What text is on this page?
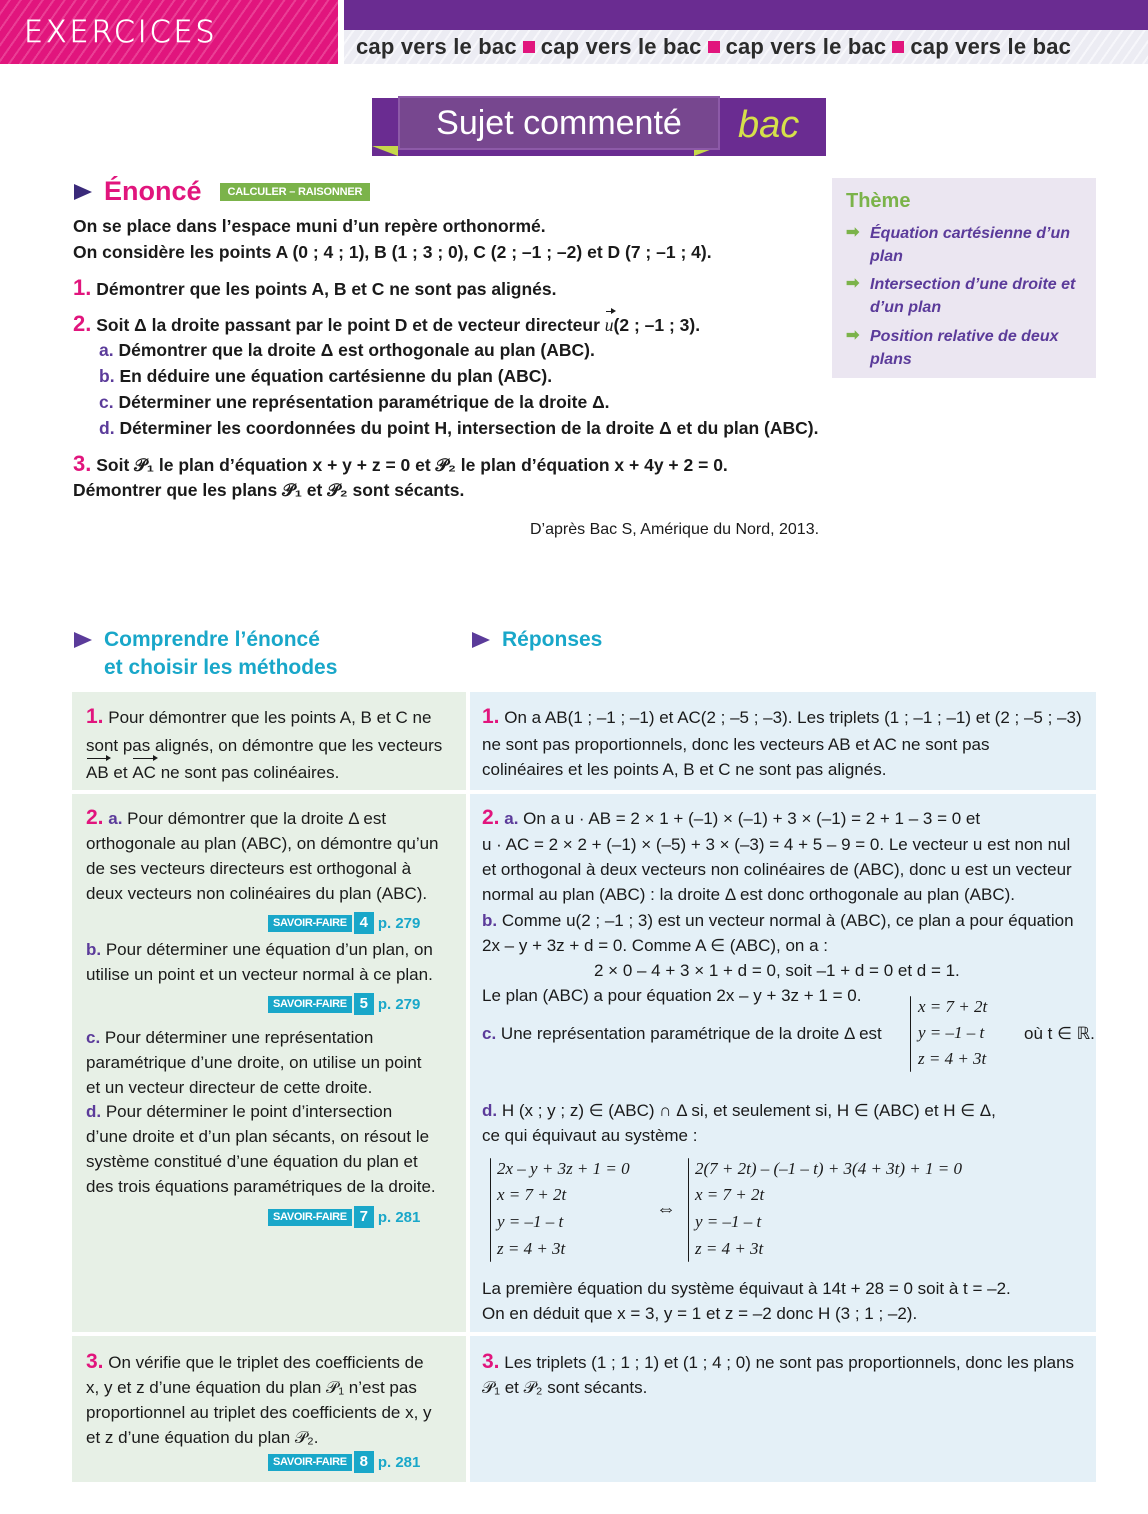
EXERCICES	cap vers le bac cap vers le bac cap vers le bac cap vers le bac
Sujet commenté	bac
Énoncé	CALCULER – RAISONNER
On se place dans l’espace muni d’un repère orthonormé.
On considère les points A (0 ; 4 ; 1), B (1 ; 3 ; 0), C (2 ; –1 ; –2) et D (7 ; –1 ; 4).
1. Démontrer que les points A, B et C ne sont pas alignés.
2. Soit Δ la droite passant par le point D et de vecteur directeur u(2 ; –1 ; 3).
a. Démontrer que la droite Δ est orthogonale au plan (ABC).
b. En déduire une équation cartésienne du plan (ABC).
c. Déterminer une représentation paramétrique de la droite Δ.
d. Déterminer les coordonnées du point H, intersection de la droite Δ et du plan (ABC).
3. Soit 𝒫₁ le plan d’équation x + y + z = 0 et 𝒫₂ le plan d’équation x + 4y + 2 = 0.
Démontrer que les plans 𝒫₁ et 𝒫₂ sont sécants.
D’après Bac S, Amérique du Nord, 2013.
Thème
➡ Équation cartésienne d’un plan
➡ Intersection d’une droite et d’un plan
➡ Position relative de deux plans
Comprendre l’énoncé
et choisir les méthodes
Réponses
1. Pour démontrer que les points A, B et C ne
sont pas alignés, on démontre que les vecteurs
AB et AC ne sont pas colinéaires.
2. a. Pour démontrer que la droite Δ est
orthogonale au plan (ABC), on démontre qu’un
de ses vecteurs directeurs est orthogonal à
deux vecteurs non colinéaires du plan (ABC).
SAVOIR-FAIRE 4 p. 279
b. Pour déterminer une équation d’un plan, on
utilise un point et un vecteur normal à ce plan.
SAVOIR-FAIRE 5 p. 279
c. Pour déterminer une représentation
paramétrique d’une droite, on utilise un point
et un vecteur directeur de cette droite.
d. Pour déterminer le point d’intersection
d’une droite et d’un plan sécants, on résout le
système constitué d’une équation du plan et
des trois équations paramétriques de la droite.
SAVOIR-FAIRE 7 p. 281
3. On vérifie que le triplet des coefficients de
x, y et z d’une équation du plan 𝒫₁ n’est pas
proportionnel au triplet des coefficients de x, y
et z d’une équation du plan 𝒫₂.
SAVOIR-FAIRE 8 p. 281
1. On a AB(1 ; –1 ; –1) et AC(2 ; –5 ; –3). Les triplets (1 ; –1 ; –1) et (2 ; –5 ; –3)
ne sont pas proportionnels, donc les vecteurs AB et AC ne sont pas
colinéaires et les points A, B et C ne sont pas alignés.
2. a. On a u · AB = 2 × 1 + (–1) × (–1) + 3 × (–1) = 2 + 1 – 3 = 0 et
u · AC = 2 × 2 + (–1) × (–5) + 3 × (–3) = 4 + 5 – 9 = 0. Le vecteur u est non nul
et orthogonal à deux vecteurs non colinéaires de (ABC), donc u est un vecteur
normal au plan (ABC) : la droite Δ est donc orthogonale au plan (ABC).
b. Comme u(2 ; –1 ; 3) est un vecteur normal à (ABC), ce plan a pour équation
2x – y + 3z + d = 0. Comme A ∈ (ABC), on a :
2 × 0 – 4 + 3 × 1 + d = 0, soit –1 + d = 0 et d = 1.
Le plan (ABC) a pour équation 2x – y + 3z + 1 = 0.
c. Une représentation paramétrique de la droite Δ est
x = 7 + 2t
y = –1 – t
z = 4 + 3t
où t ∈ ℝ.
d. H (x ; y ; z) ∈ (ABC) ∩ Δ si, et seulement si, H ∈ (ABC) et H ∈ Δ,
ce qui équivaut au système :
2x – y + 3z + 1 = 0
x = 7 + 2t
y = –1 – t
z = 4 + 3t
⇔
2(7 + 2t) – (–1 – t) + 3(4 + 3t) + 1 = 0
x = 7 + 2t
y = –1 – t
z = 4 + 3t
La première équation du système équivaut à 14t + 28 = 0 soit à t = –2.
On en déduit que x = 3, y = 1 et z = –2 donc H (3 ; 1 ; –2).
3. Les triplets (1 ; 1 ; 1) et (1 ; 4 ; 0) ne sont pas proportionnels, donc les plans
𝒫₁ et 𝒫₂ sont sécants.
